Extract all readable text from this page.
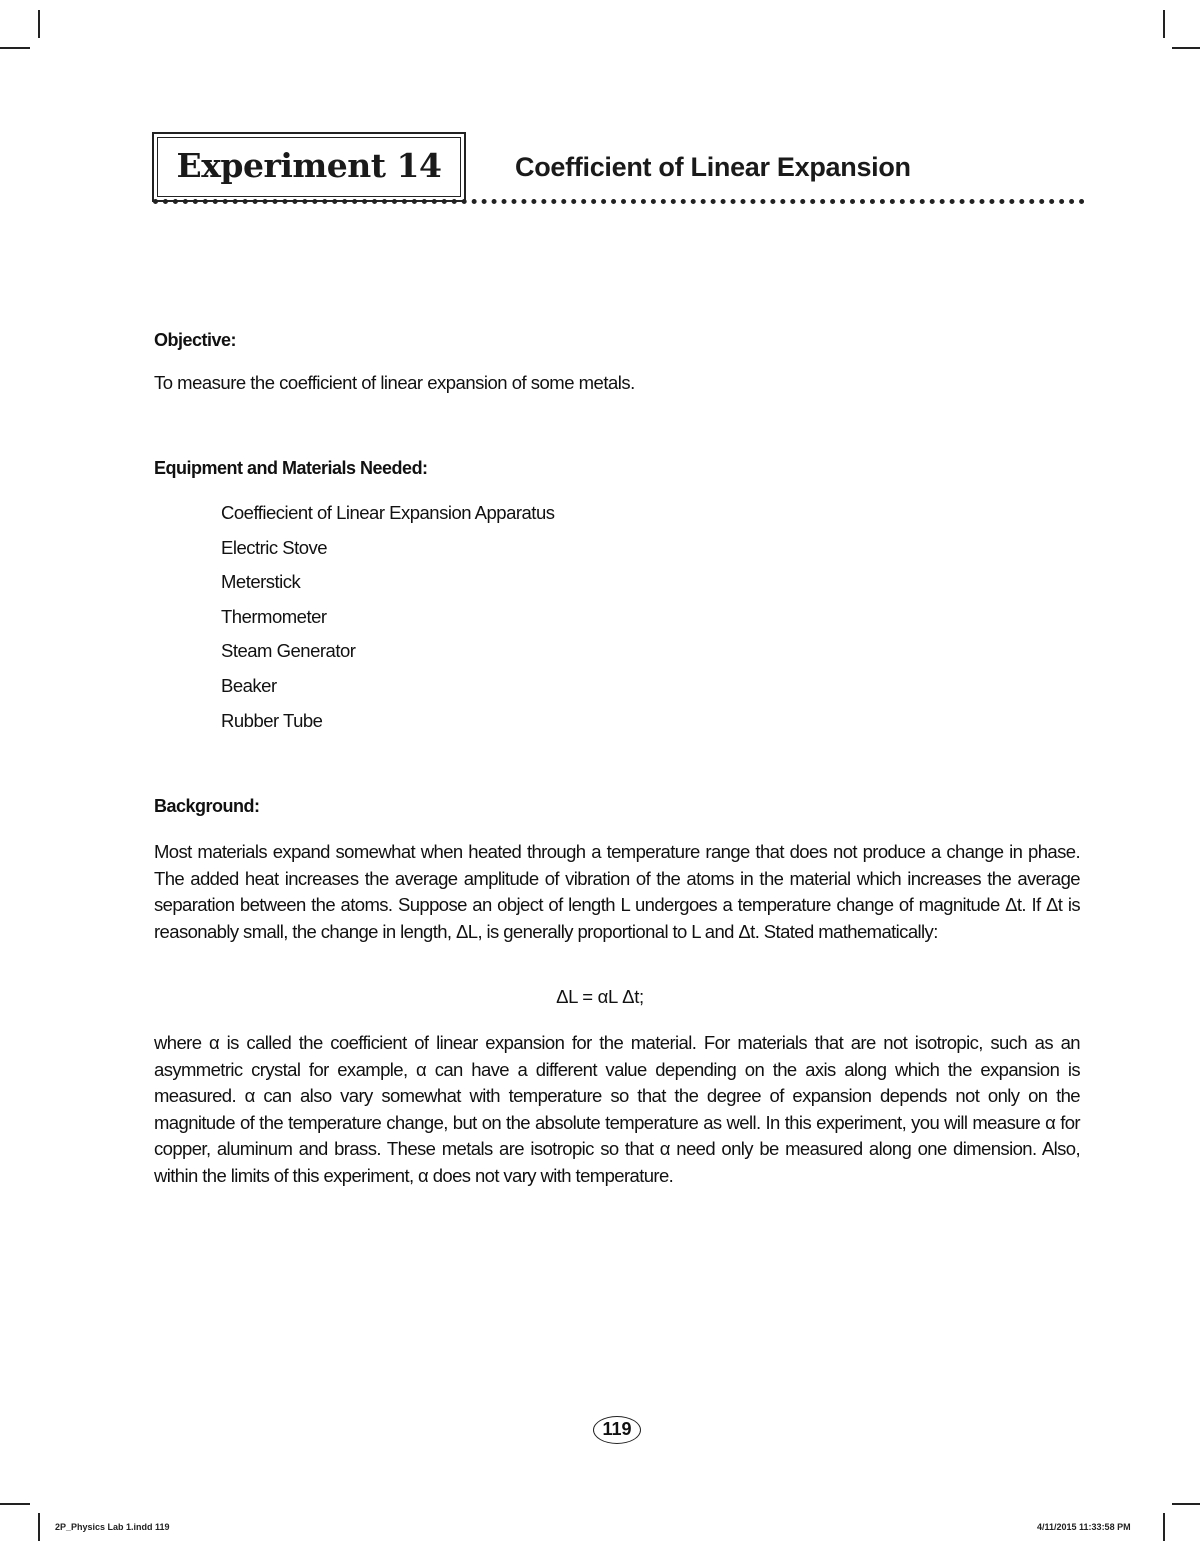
Experiment 14	Coefficient of Linear Expansion
Objective:
To measure the coefficient of linear expansion of some metals.
Equipment and Materials Needed:
Coeffiecient of Linear Expansion Apparatus
Electric Stove
Meterstick
Thermometer
Steam Generator
Beaker
Rubber Tube
Background:

Most materials expand somewhat when heated through a temperature range that does not produce a change in phase. The added heat increases the average amplitude of vibration of the atoms in the material which increases the average separation between the atoms. Suppose an object of length L undergoes a temperature change of magnitude Δt. If Δt is reasonably small, the change in length, ΔL, is generally proportional to L and Δt. Stated mathematically:

ΔL = αL Δt;

where α is called the coefficient of linear expansion for the material. For materials that are not isotropic, such as an asymmetric crystal for example, α can have a different value depending on the axis along which the expansion is measured. α can also vary somewhat with temperature so that the degree of expansion depends not only on the magnitude of the temperature change, but on the absolute temperature as well. In this experiment, you will measure α for copper, aluminum and brass. These metals are isotropic so that α need only be measured along one dimension. Also, within the limits of this experiment, α does not vary with temperature.

119
2P_Physics Lab 1.indd 119	4/11/2015 11:33:58 PM
